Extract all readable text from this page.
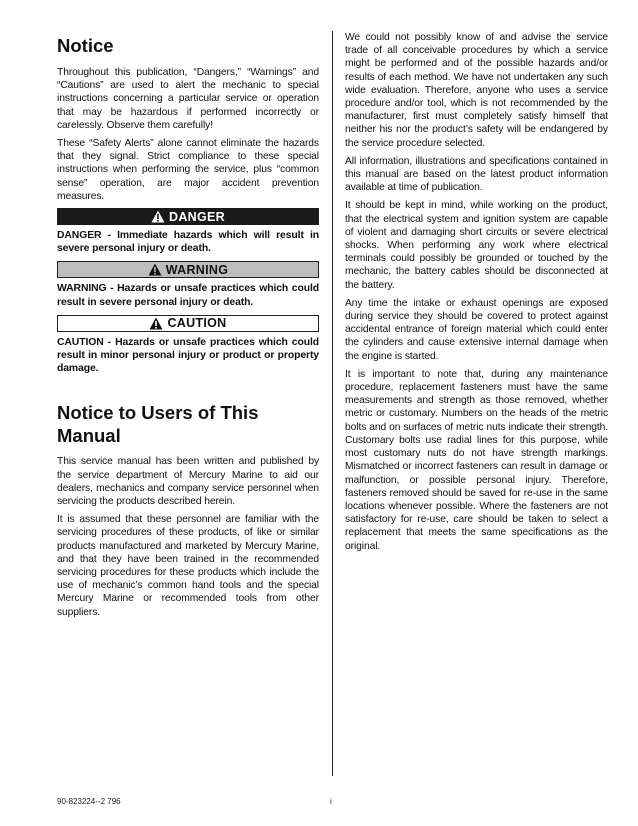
Notice

Throughout this publication, “Dangers,” “Warnings” and “Cautions” are used to alert the mechanic to special instructions concerning a particular service or operation that may be hazardous if performed incorrectly or carelessly. Observe them carefully!

These “Safety Alerts” alone cannot eliminate the hazards that they signal. Strict compliance to these special instructions when performing the service, plus “common sense” operation, are major accident prevention measures.

DANGER

DANGER - Immediate hazards which will result in severe personal injury or death.

WARNING

WARNING - Hazards or unsafe practices which could result in severe personal injury or death.

CAUTION

CAUTION - Hazards or unsafe practices which could result in minor personal injury or product or property damage.

Notice to Users of This Manual

This service manual has been written and published by the service department of Mercury Marine to aid our dealers, mechanics and company service personnel when servicing the products described herein.

It is assumed that these personnel are familiar with the servicing procedures of these products, of like or similar products manufactured and marketed by Mercury Marine, and that they have been trained in the recommended servicing procedures for these products which include the use of mechanic’s common hand tools and the special Mercury Marine or recommended tools from other suppliers.

We could not possibly know of and advise the service trade of all conceivable procedures by which a service might be performed and of the possible hazards and/or results of each method. We have not undertaken any such wide evaluation. Therefore, anyone who uses a service procedure and/or tool, which is not recommended by the manufacturer, first must completely satisfy himself that neither his nor the product’s safety will be endangered by the service procedure selected.

All information, illustrations and specifications contained in this manual are based on the latest product information available at time of publication.

It should be kept in mind, while working on the product, that the electrical system and ignition system are capable of violent and damaging short circuits or severe electrical shocks. When performing any work where electrical terminals could possibly be grounded or touched by the mechanic, the battery cables should be disconnected at the battery.

Any time the intake or exhaust openings are exposed during service they should be covered to protect against accidental entrance of foreign material which could enter the cylinders and cause extensive internal damage when the engine is started.

It is important to note that, during any maintenance procedure, replacement fasteners must have the same measurements and strength as those removed, whether metric or customary. Numbers on the heads of the metric bolts and on surfaces of metric nuts indicate their strength. Customary bolts use radial lines for this purpose, while most customary nuts do not have strength markings. Mismatched or incorrect fasteners can result in damage or malfunction, or possible personal injury. Therefore, fasteners removed should be saved for re-use in the same locations whenever possible. Where the fasteners are not satisfactory for re-use, care should be taken to select a replacement that meets the same specifications as the original.

90-823224--2 796	i
